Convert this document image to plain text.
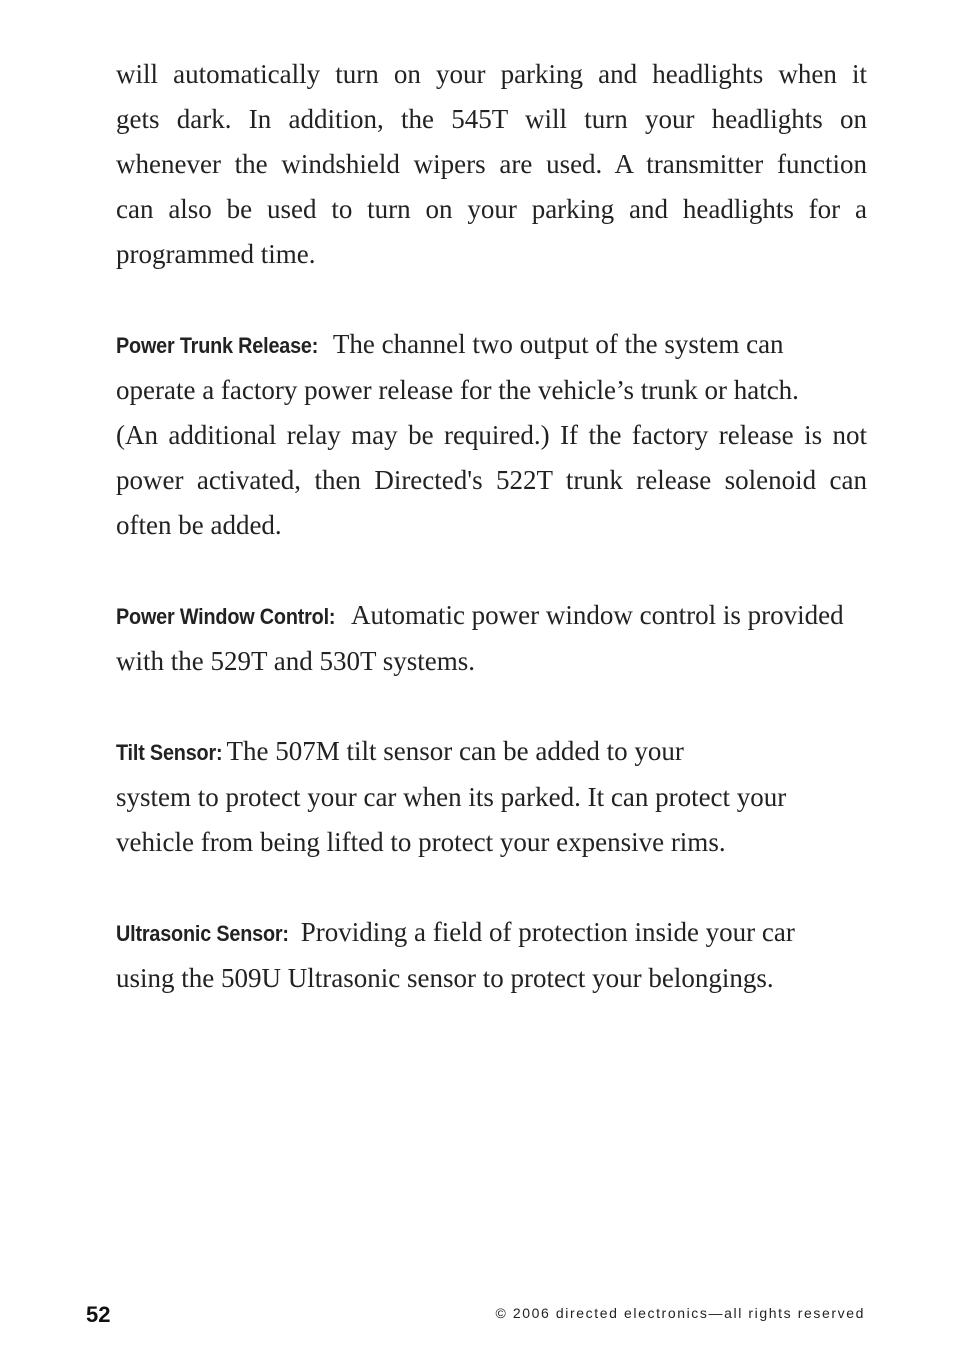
will automatically turn on your parking and headlights when it
gets dark. In addition, the 545T will turn your headlights on
whenever the windshield wipers are used. A transmitter function
can also be used to turn on your parking and headlights for a
programmed time.

Power Trunk Release: The channel two output of the system can
operate a factory power release for the vehicle’s trunk or hatch.
(An additional relay may be required.) If the factory release is not
power activated, then Directed's 522T trunk release solenoid can
often be added.

Power Window Control: Automatic power window control is provided
with the 529T and 530T systems.

Tilt Sensor: The 507M tilt sensor can be added to your
system to protect your car when its parked. It can protect your
vehicle from being lifted to protect your expensive rims.

Ultrasonic Sensor: Providing a field of protection inside your car
using the 509U Ultrasonic sensor to protect your belongings.

52	© 2006 directed electronics—all rights reserved
